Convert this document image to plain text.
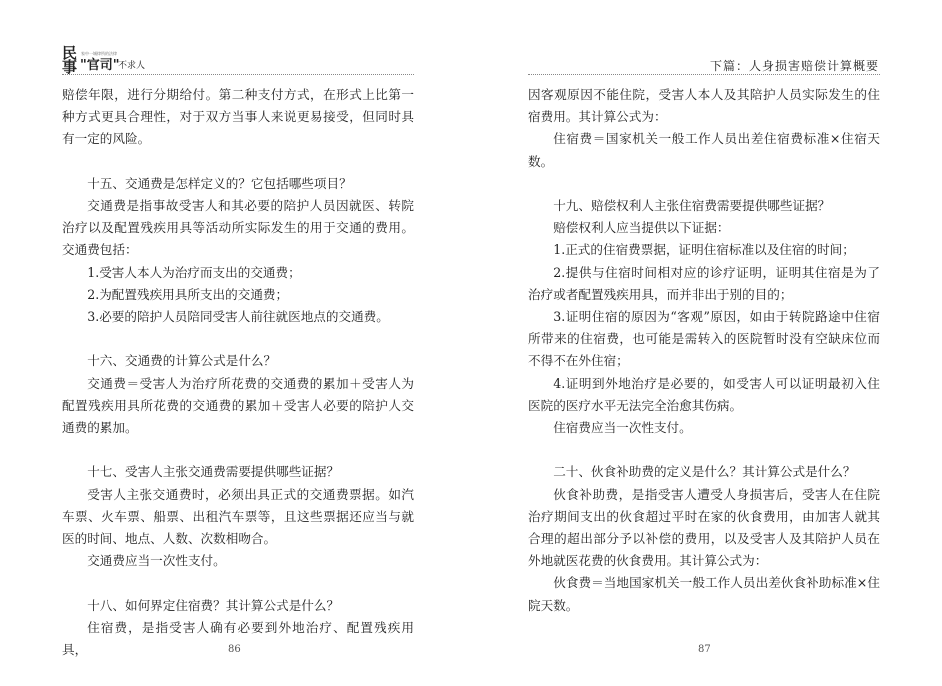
民
事
家中一城律所的法律
"官司"
不求人

赔偿年限，进行分期给付。第二种支付方式，在形式上比第一种方式更具合理性，对于双方当事人来说更易接受，但同时具有一定的风险。

十五、交通费是怎样定义的？它包括哪些项目？

交通费是指事故受害人和其必要的陪护人员因就医、转院治疗以及配置残疾用具等活动所实际发生的用于交通的费用。交通费包括：

1.受害人本人为治疗而支出的交通费；

2.为配置残疾用具所支出的交通费；

3.必要的陪护人员陪同受害人前往就医地点的交通费。

十六、交通费的计算公式是什么？

交通费＝受害人为治疗所花费的交通费的累加＋受害人为配置残疾用具所花费的交通费的累加＋受害人必要的陪护人交通费的累加。

十七、受害人主张交通费需要提供哪些证据？

受害人主张交通费时，必须出具正式的交通费票据。如汽车票、火车票、船票、出租汽车票等，且这些票据还应当与就医的时间、地点、人数、次数相吻合。

交通费应当一次性支付。

十八、如何界定住宿费？其计算公式是什么？

住宿费，是指受害人确有必要到外地治疗、配置残疾用具，	86
下篇：人身损害赔偿计算概要

因客观原因不能住院，受害人本人及其陪护人员实际发生的住宿费用。其计算公式为：

住宿费＝国家机关一般工作人员出差住宿费标准×住宿天数。

十九、赔偿权利人主张住宿费需要提供哪些证据？

赔偿权利人应当提供以下证据：

1.正式的住宿费票据，证明住宿标准以及住宿的时间；

2.提供与住宿时间相对应的诊疗证明，证明其住宿是为了治疗或者配置残疾用具，而并非出于别的目的；

3.证明住宿的原因为“客观”原因，如由于转院路途中住宿所带来的住宿费，也可能是需转入的医院暂时没有空缺床位而不得不在外住宿；

4.证明到外地治疗是必要的，如受害人可以证明最初入住医院的医疗水平无法完全治愈其伤病。

住宿费应当一次性支付。

二十、伙食补助费的定义是什么？其计算公式是什么？

伙食补助费，是指受害人遭受人身损害后，受害人在住院治疗期间支出的伙食超过平时在家的伙食费用，由加害人就其合理的超出部分予以补偿的费用，以及受害人及其陪护人员在外地就医花费的伙食费用。其计算公式为：

伙食费＝当地国家机关一般工作人员出差伙食补助标准×住院天数。

87
